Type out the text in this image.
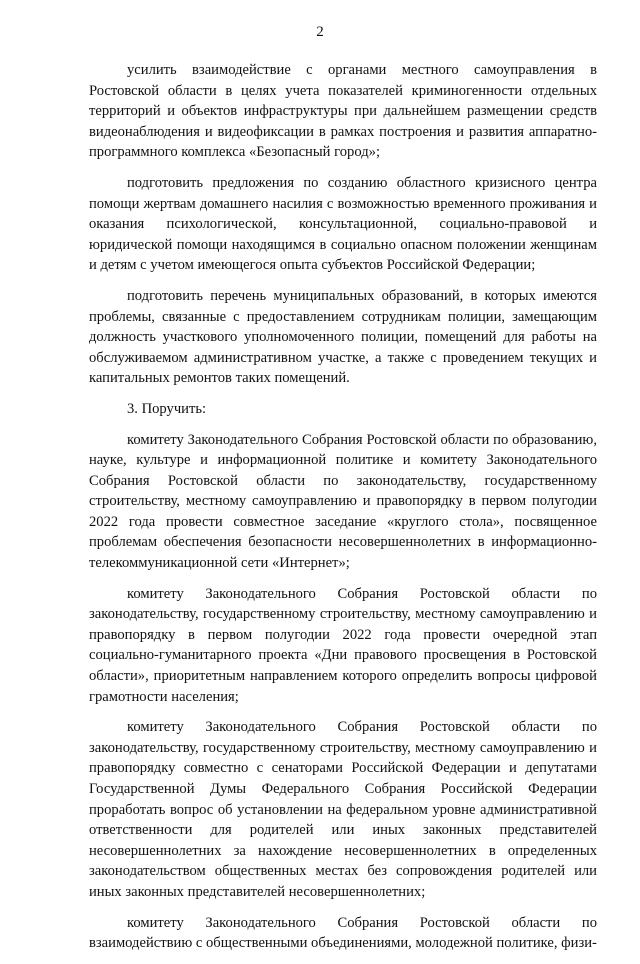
2

усилить взаимодействие с органами местного самоуправления в Ростовской области в целях учета показателей криминогенности отдельных территорий и объектов инфраструктуры при дальнейшем размещении средств видеонаблюдения и видеофиксации в рамках построения и развития аппаратно-программного комплекса «Безопасный город»;

подготовить предложения по созданию областного кризисного центра помощи жертвам домашнего насилия с возможностью временного проживания и оказания психологической, консультационной, социально-правовой и юридической помощи находящимся в социально опасном положении женщинам и детям с учетом имеющегося опыта субъектов Российской Федерации;

подготовить перечень муниципальных образований, в которых имеются проблемы, связанные с предоставлением сотрудникам полиции, замещающим должность участкового уполномоченного полиции, помещений для работы на обслуживаемом административном участке, а также с проведением текущих и капитальных ремонтов таких помещений.

3. Поручить:

комитету Законодательного Собрания Ростовской области по образованию, науке, культуре и информационной политике и комитету Законодательного Собрания Ростовской области по законодательству, государственному строительству, местному самоуправлению и правопорядку в первом полугодии 2022 года провести совместное заседание «круглого стола», посвященное проблемам обеспечения безопасности несовершеннолетних в информационно-телекоммуникационной сети «Интернет»;

комитету Законодательного Собрания Ростовской области по законодательству, государственному строительству, местному самоуправлению и правопорядку в первом полугодии 2022 года провести очередной этап социально-гуманитарного проекта «Дни правового просвещения в Ростовской области», приоритетным направлением которого определить вопросы цифровой грамотности населения;

комитету Законодательного Собрания Ростовской области по законодательству, государственному строительству, местному самоуправлению и правопорядку совместно с сенаторами Российской Федерации и депутатами Государственной Думы Федерального Собрания Российской Федерации проработать вопрос об установлении на федеральном уровне административной ответственности для родителей или иных законных представителей несовершеннолетних за нахождение несовершеннолетних в определенных законодательством общественных местах без сопровождения родителей или иных законных представителей несовершеннолетних;

комитету Законодательного Собрания Ростовской области по взаимодействию с общественными объединениями, молодежной политике, физи-
